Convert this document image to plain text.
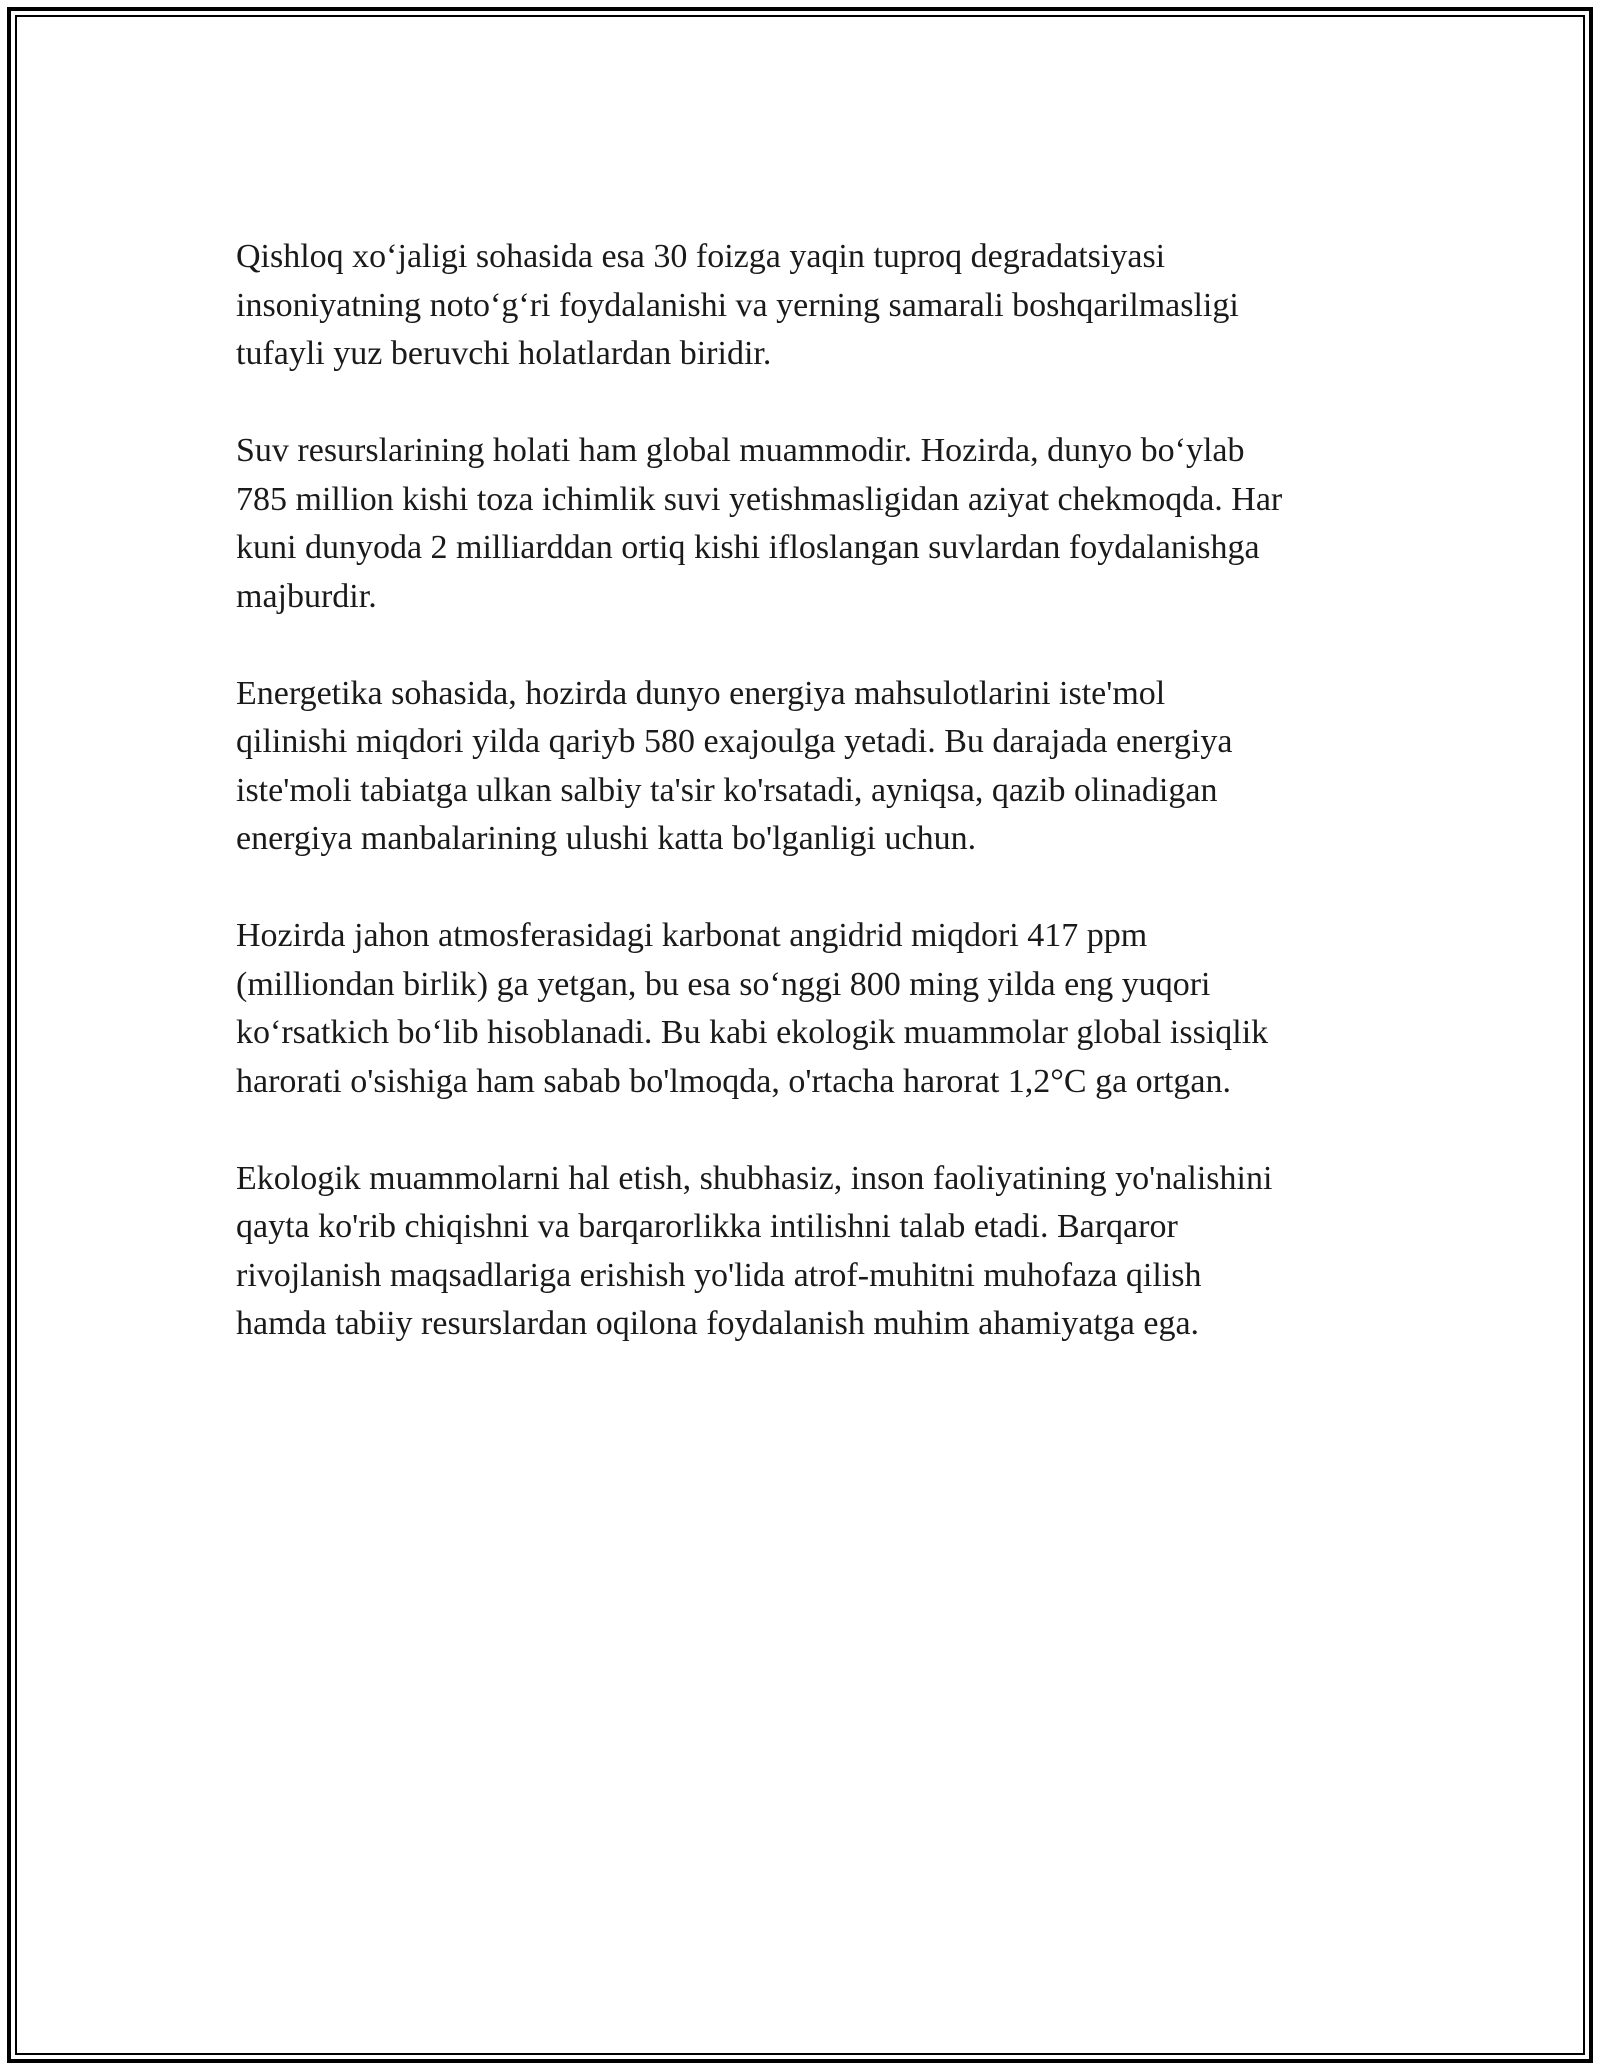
Qishloq xo‘jaligi sohasida esa 30 foizga yaqin tuproq degradatsiyasi
insoniyatning noto‘g‘ri foydalanishi va yerning samarali boshqarilmasligi
tufayli yuz beruvchi holatlardan biridir.

Suv resurslarining holati ham global muammodir. Hozirda, dunyo bo‘ylab
785 million kishi toza ichimlik suvi yetishmasligidan aziyat chekmoqda. Har
kuni dunyoda 2 milliarddan ortiq kishi ifloslangan suvlardan foydalanishga
majburdir.

Energetika sohasida, hozirda dunyo energiya mahsulotlarini iste'mol
qilinishi miqdori yilda qariyb 580 exajoulga yetadi. Bu darajada energiya
iste'moli tabiatga ulkan salbiy ta'sir ko'rsatadi, ayniqsa, qazib olinadigan
energiya manbalarining ulushi katta bo'lganligi uchun.

Hozirda jahon atmosferasidagi karbonat angidrid miqdori 417 ppm
(milliondan birlik) ga yetgan, bu esa so‘nggi 800 ming yilda eng yuqori
ko‘rsatkich bo‘lib hisoblanadi. Bu kabi ekologik muammolar global issiqlik
harorati o'sishiga ham sabab bo'lmoqda, o'rtacha harorat 1,2°C ga ortgan.

Ekologik muammolarni hal etish, shubhasiz, inson faoliyatining yo'nalishini
qayta ko'rib chiqishni va barqarorlikka intilishni talab etadi. Barqaror
rivojlanish maqsadlariga erishish yo'lida atrof-muhitni muhofaza qilish
hamda tabiiy resurslardan oqilona foydalanish muhim ahamiyatga ega.
